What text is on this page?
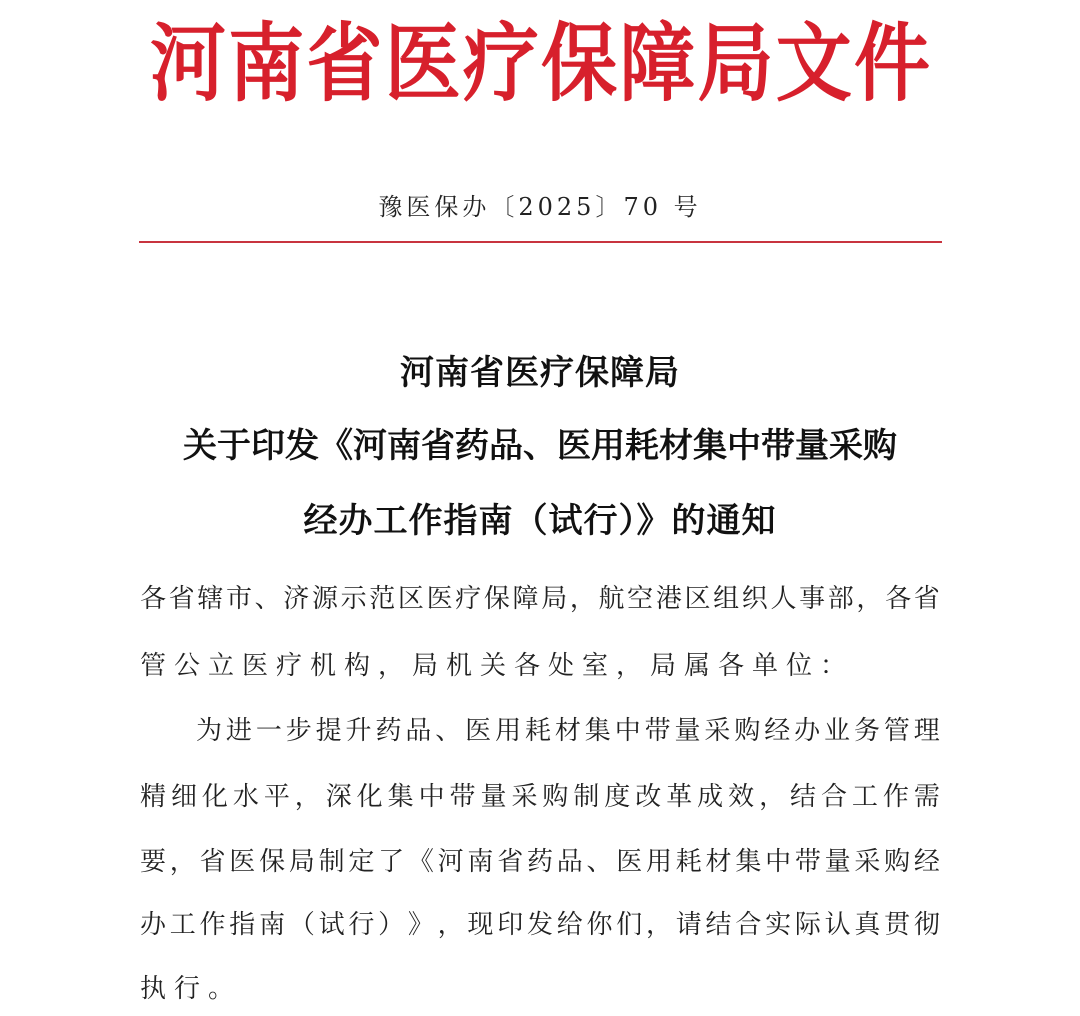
河 南 省 医 疗 保 障 局 文 件
豫医保办〔2025〕70 号
河南省医疗保障局
关于印发《河南省药品、医用耗材集中带量采购
经办工作指南（试行）》的通知
各 省 辖 市 、 济 源 示 范 区 医 疗 保 障 局 ， 航 空 港 区 组 织 人 事 部 ， 各 省
管公立医疗机构，局机关各处室，局属各单位：
为 进 一 步 提 升 药 品 、 医 用 耗 材 集 中 带 量 采 购 经 办 业 务 管 理
精 细 化 水 平 ， 深 化 集 中 带 量 采 购 制 度 改 革 成 效 ， 结 合 工 作 需
要 ， 省 医 保 局 制 定 了 《 河 南 省 药 品 、 医 用 耗 材 集 中 带 量 采 购 经
办 工 作 指 南 （ 试 行 ） 》 ， 现 印 发 给 你 们 ， 请 结 合 实 际 认 真 贯 彻
执行。
